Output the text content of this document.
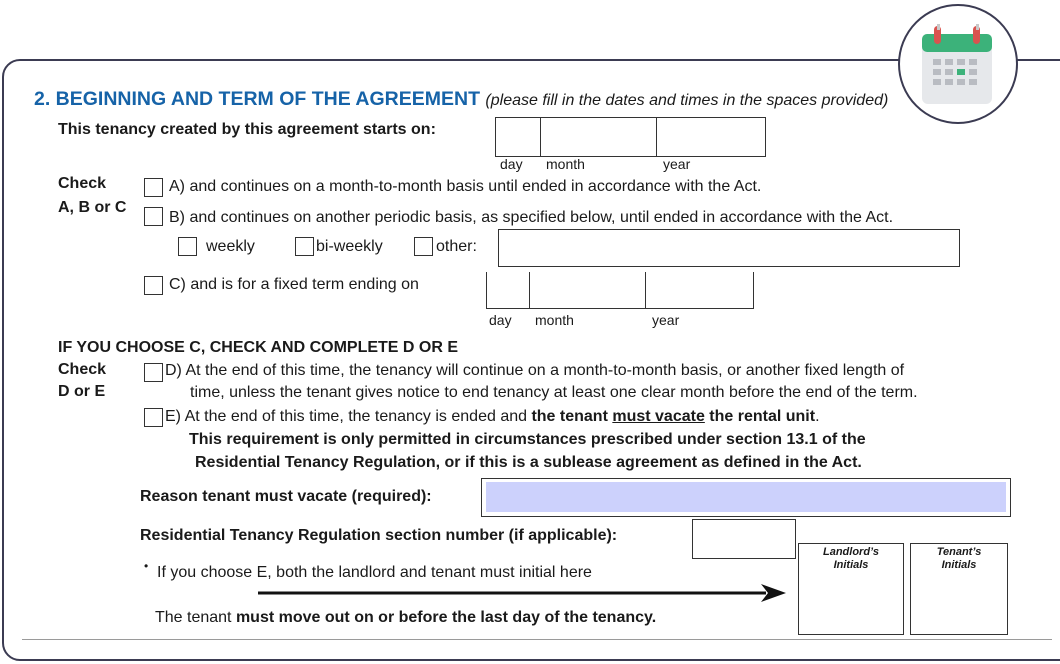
2. BEGINNING AND TERM OF THE AGREEMENT (please fill in the dates and times in the spaces provided)
This tenancy created by this agreement starts on:
day month	year
Check
A, B or C
A) and continues on a month-to-month basis until ended in accordance with the Act.
B) and continues on another periodic basis, as specified below, until ended in accordance with the Act.
weekly	bi-weekly	other:
C) and is for a fixed term ending on
day month	year
IF YOU CHOOSE C, CHECK AND COMPLETE D OR E
Check
D or E
D) At the end of this time, the tenancy will continue on a month-to-month basis, or another fixed length of
time, unless the tenant gives notice to end tenancy at least one clear month before the end of the term.
E) At the end of this time, the tenancy is ended and the tenant must vacate the rental unit.
This requirement is only permitted in circumstances prescribed under section 13.1 of the
Residential Tenancy Regulation, or if this is a sublease agreement as defined in the Act.
Reason tenant must vacate (required):
Residential Tenancy Regulation section number (if applicable):
• If you choose E, both the landlord and tenant must initial here
Landlord’s
Initials
Tenant’s
Initials
The tenant must move out on or before the last day of the tenancy.
